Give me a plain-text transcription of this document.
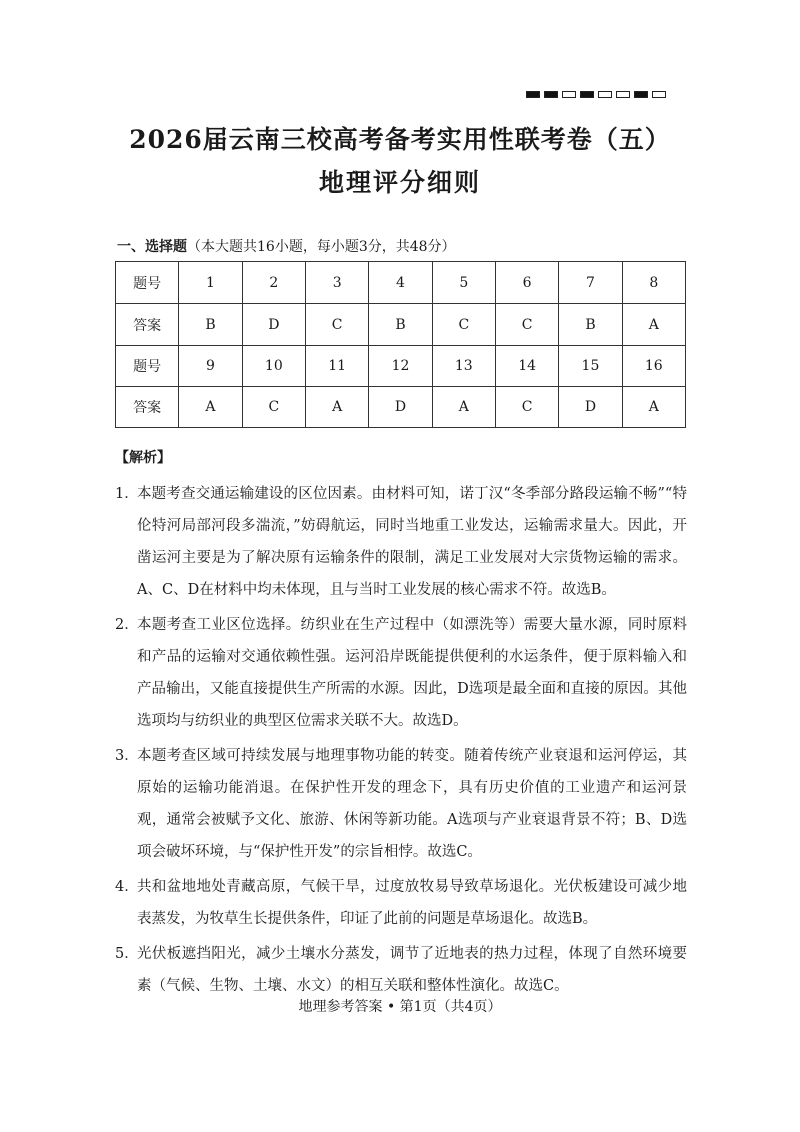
2026届云南三校高考备考实用性联考卷（五）
地理评分细则
一、选择题（本大题共16小题，每小题3分，共48分）
题号	1	2	3	4	5	6	7	8
答案	B	D	C	B	C	C	B	A
题号	9	10	11	12	13	14	15	16
答案	A	C	A	D	A	C	D	A
【解析】
1．
本题考查交通运输建设的区位因素。由材料可知，诺丁汉“冬季部分路段运输不畅”“特伦特河局部河段多湍流，”妨碍航运，同时当地重工业发达，运输需求量大。因此，开凿运河主要是为了解决原有运输条件的限制，满足工业发展对大宗货物运输的需求。A、C、D在材料中均未体现，且与当时工业发展的核心需求不符。故选B。
2．
本题考查工业区位选择。纺织业在生产过程中（如漂洗等）需要大量水源，同时原料和产品的运输对交通依赖性强。运河沿岸既能提供便利的水运条件，便于原料输入和产品输出，又能直接提供生产所需的水源。因此，D选项是最全面和直接的原因。其他选项均与纺织业的典型区位需求关联不大。故选D。
3．
本题考查区域可持续发展与地理事物功能的转变。随着传统产业衰退和运河停运，其原始的运输功能消退。在保护性开发的理念下，具有历史价值的工业遗产和运河景观，通常会被赋予文化、旅游、休闲等新功能。A选项与产业衰退背景不符；B、D选项会破坏环境，与“保护性开发”的宗旨相悖。故选C。
4．
共和盆地地处青藏高原，气候干旱，过度放牧易导致草场退化。光伏板建设可减少地表蒸发，为牧草生长提供条件，印证了此前的问题是草场退化。故选B。
5．
光伏板遮挡阳光，减少土壤水分蒸发，调节了近地表的热力过程，体现了自然环境要素（气候、生物、土壤、水文）的相互关联和整体性演化。故选C。
地理参考答案 • 第1页（共4页）
